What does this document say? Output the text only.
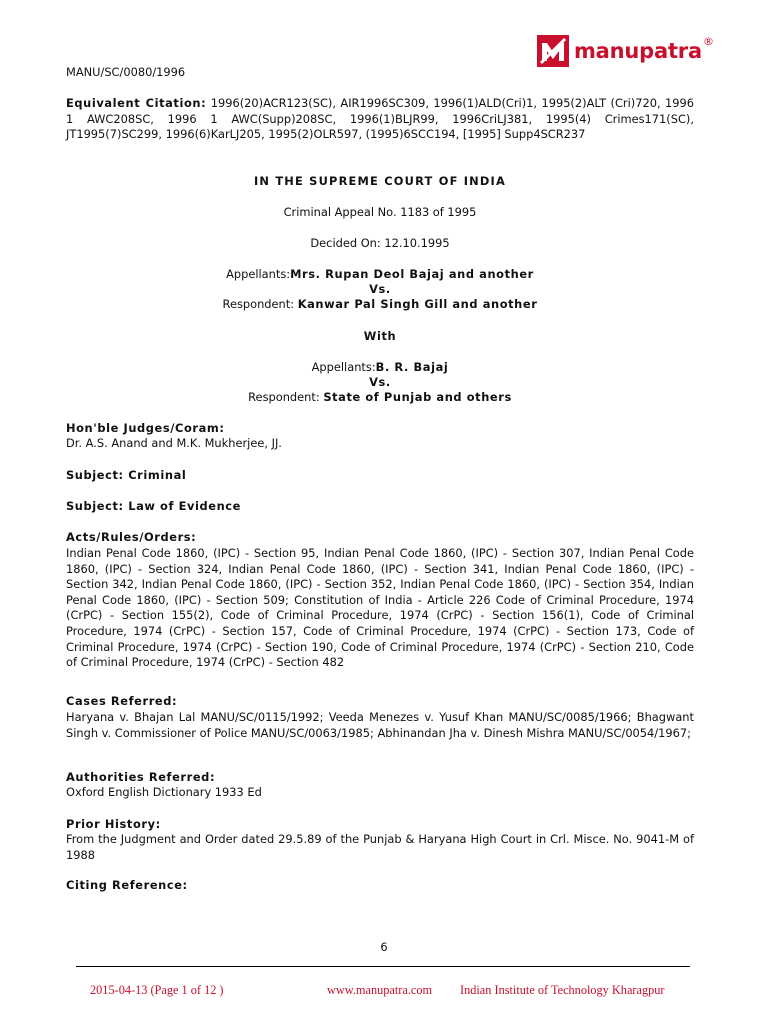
manupatra ®
MANU/SC/0080/1996
Equivalent Citation: 1996(20)ACR123(SC), AIR1996SC309, 1996(1)ALD(Cri)1, 1995(2)ALT (Cri)720, 1996 1 AWC208SC, 1996 1 AWC(Supp)208SC, 1996(1)BLJR99, 1996CriLJ381, 1995(4) Crimes171(SC), JT1995(7)SC299, 1996(6)KarLJ205, 1995(2)OLR597, (1995)6SCC194, [1995] Supp4SCR237
IN THE SUPREME COURT OF INDIA
Criminal Appeal No. 1183 of 1995
Decided On: 12.10.1995
Appellants:Mrs. Rupan Deol Bajaj and another
Vs.
Respondent: Kanwar Pal Singh Gill and another
With
Appellants:B. R. Bajaj
Vs.
Respondent: State of Punjab and others
Hon'ble Judges/Coram:
Dr. A.S. Anand and M.K. Mukherjee, JJ.
Subject: Criminal
Subject: Law of Evidence
Acts/Rules/Orders:
Indian Penal Code 1860, (IPC) - Section 95, Indian Penal Code 1860, (IPC) - Section 307, Indian Penal Code 1860, (IPC) - Section 324, Indian Penal Code 1860, (IPC) - Section 341, Indian Penal Code 1860, (IPC) - Section 342, Indian Penal Code 1860, (IPC) - Section 352, Indian Penal Code 1860, (IPC) - Section 354, Indian Penal Code 1860, (IPC) - Section 509; Constitution of India - Article 226 Code of Criminal Procedure, 1974 (CrPC) - Section 155(2), Code of Criminal Procedure, 1974 (CrPC) - Section 156(1), Code of Criminal Procedure, 1974 (CrPC) - Section 157, Code of Criminal Procedure, 1974 (CrPC) - Section 173, Code of Criminal Procedure, 1974 (CrPC) - Section 190, Code of Criminal Procedure, 1974 (CrPC) - Section 210, Code of Criminal Procedure, 1974 (CrPC) - Section 482
Cases Referred:
Haryana v. Bhajan Lal MANU/SC/0115/1992; Veeda Menezes v. Yusuf Khan MANU/SC/0085/1966; Bhagwant Singh v. Commissioner of Police MANU/SC/0063/1985; Abhinandan Jha v. Dinesh Mishra MANU/SC/0054/1967;
Authorities Referred:
Oxford English Dictionary 1933 Ed
Prior History:
From the Judgment and Order dated 29.5.89 of the Punjab & Haryana High Court in Crl. Misce. No. 9041-M of 1988
Citing Reference:
6
2015-04-13 (Page 1 of 12 )	www.manupatra.com Indian Institute of Technology Kharagpur
